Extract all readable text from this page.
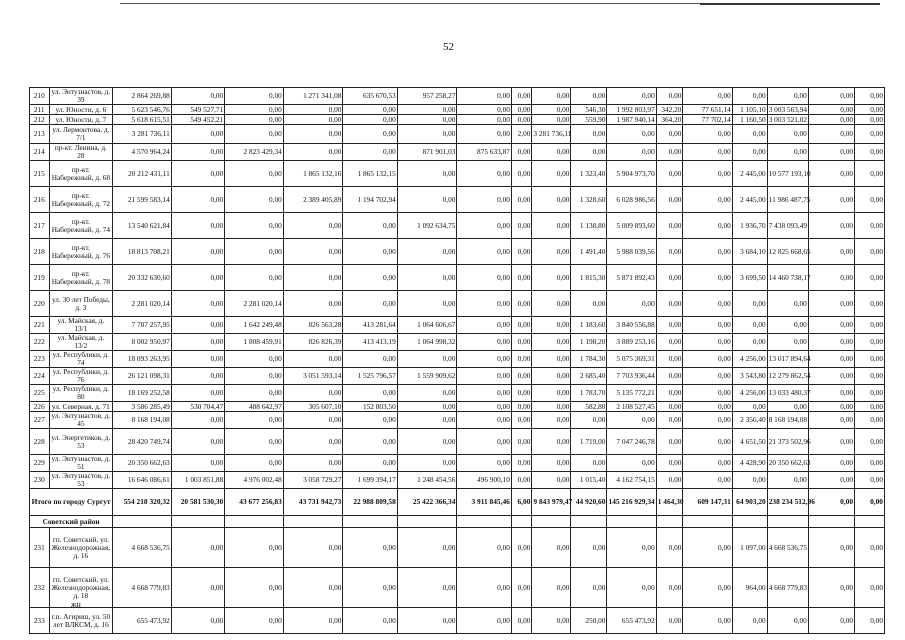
52
210	ул. Энтузиастов, д. 39	2 864 269,88	0,00	0,00	1 271 341,08	635 670,53	957 258,27	0,00	0,00	0,00	0,00	0,00	0,00	0,00	0,00	0,00	0,00	0,00
211	ул. Юности, д. 6	5 623 546,76	549 527,71	0,00	0,00	0,00	0,00	0,00	0,00	0,00	546,30	1 992 803,97	342,20	77 651,14	1 105,10	3 003 563,94	0,00	0,00
212	ул. Юности, д. 7	5 618 615,51	549 452,21	0,00	0,00	0,00	0,00	0,00	0,00	0,00	559,90	1 987 940,14	364,20	77 702,14	1 160,50	3 003 521,02	0,00	0,00
213	ул. Лермонтова, д. 7/1	3 281 736,11	0,00	0,00	0,00	0,00	0,00	0,00	2,00	3 281 736,11	0,00	0,00	0,00	0,00	0,00	0,00	0,00	0,00
214	пр-кт. Ленина, д. 28	4 570 964,24	0,00	2 823 429,34	0,00	0,00	871 901,03	875 633,87	0,00	0,00	0,00	0,00	0,00	0,00	0,00	0,00	0,00	0,00
215	пр-кт. Набережный, д. 68	20 212 431,11	0,00	0,00	1 865 132,16	1 865 132,15	0,00	0,00	0,00	0,00	1 323,40	5 904 973,70	0,00	0,00	2 445,00	10 577 193,10	0,00	0,00
216	пр-кт. Набережный, д. 72	21 599 583,14	0,00	0,00	2 389 405,89	1 194 702,94	0,00	0,00	0,00	0,00	1 328,60	6 028 986,56	0,00	0,00	2 445,00	11 986 487,75	0,00	0,00
217	пр-кт. Набережный, д. 74	13 540 621,84	0,00	0,00	0,00	0,00	1 092 634,75	0,00	0,00	0,00	1 138,80	5 009 893,60	0,00	0,00	1 936,70	7 438 093,49	0,00	0,00
218	пр-кт. Набережный, д. 76	18 813 708,21	0,00	0,00	0,00	0,00	0,00	0,00	0,00	0,00	1 491,40	5 988 039,56	0,00	0,00	3 684,10	12 825 668,65	0,00	0,00
219	пр-кт. Набережный, д. 78	20 332 630,60	0,00	0,00	0,00	0,00	0,00	0,00	0,00	0,00	1 815,30	5 871 892,43	0,00	0,00	3 699,50	14 460 738,17	0,00	0,00
220	ул. 30 лет Победы, д. 3	2 281 020,14	0,00	2 281 020,14	0,00	0,00	0,00	0,00	0,00	0,00	0,00	0,00	0,00	0,00	0,00	0,00	0,00	0,00
221	ул. Майская, д. 13/1	7 787 257,95	0,00	1 642 249,48	826 563,28	413 281,64	1 064 606,67	0,00	0,00	0,00	1 183,60	3 840 556,88	0,00	0,00	0,00	0,00	0,00	0,00
222	ул. Майская, д. 13/2	8 002 950,97	0,00	1 808 459,91	826 826,39	413 413,19	1 064 998,32	0,00	0,00	0,00	1 198,20	3 889 253,16	0,00	0,00	0,00	0,00	0,00	0,00
223	ул. Республики, д. 74	18 093 263,95	0,00	0,00	0,00	0,00	0,00	0,00	0,00	0,00	1 784,30	5 075 369,31	0,00	0,00	4 256,00	13 017 894,64	0,00	0,00
224	ул. Республики, д. 76	26 121 098,31	0,00	0,00	3 051 593,14	1 525 796,57	1 559 909,62	0,00	0,00	0,00	2 685,40	7 703 936,44	0,00	0,00	3 543,80	12 279 862,54	0,00	0,00
225	ул. Республики, д. 80	18 169 252,58	0,00	0,00	0,00	0,00	0,00	0,00	0,00	0,00	1 783,70	5 135 772,21	0,00	0,00	4 256,00	13 033 480,37	0,00	0,00
226	ул. Северная, д. 71	3 586 285,49	530 704,47	488 642,97	305 607,10	152 803,50	0,00	0,00	0,00	0,00	582,80	2 108 527,45	0,00	0,00	0,00	0,00	0,00	0,00
227	ул. Энтузиастов, д. 45	8 168 194,08	0,00	0,00	0,00	0,00	0,00	0,00	0,00	0,00	0,00	0,00	0,00	0,00	2 356,40	8 168 194,08	0,00	0,00
228	ул. Энергетиков, д. 53	28 420 749,74	0,00	0,00	0,00	0,00	0,00	0,00	0,00	0,00	1 719,00	7 047 246,78	0,00	0,00	4 651,50	21 373 502,96	0,00	0,00
229	ул. Энтузиастов, д. 51	20 350 662,63	0,00	0,00	0,00	0,00	0,00	0,00	0,00	0,00	0,00	0,00	0,00	0,00	4 428,90	20 350 662,63	0,00	0,00
230	ул. Энтузиастов, д. 53	16 646 086,61	1 003 851,88	4 976 002,48	3 058 729,27	1 699 394,17	1 248 454,56	496 900,10	0,00	0,00	1 015,40	4 162 754,15	0,00	0,00	0,00	0,00	0,00	0,00
Итого по городу Сургут		554 218 320,32	20 581 530,30	43 677 256,83	43 731 942,73	22 988 809,58	25 422 366,34	3 911 845,46	6,00	9 843 979,47	44 920,60	145 216 929,34	1 464,30	609 147,31	64 903,20	238 234 512,96	0,00	0,00
Советский район																		
231	гп. Советский, ул. Железнодорожная, д. 16	4 668 536,75	0,00	0,00	0,00	0,00	0,00	0,00	0,00	0,00	0,00	0,00	0,00	0,00	1 097,00	4 668 536,75	0,00	0,00
232	гп. Советский, ул. Железнодорожная, д. 18	4 668 779,83	0,00	0,00	0,00	0,00	0,00	0,00	0,00	0,00	0,00	0,00	0,00	0,00	964,00	4 668 779,83	0,00	0,00
233	г.п. Агириш, ул. 50 лет ВЛКСМ, д. 16	655 473,92	0,00	0,00	0,00	0,00	0,00	0,00	0,00	0,00	250,00	655 473,92	0,00	0,00	0,00	0,00	0,00	0,00
жн
